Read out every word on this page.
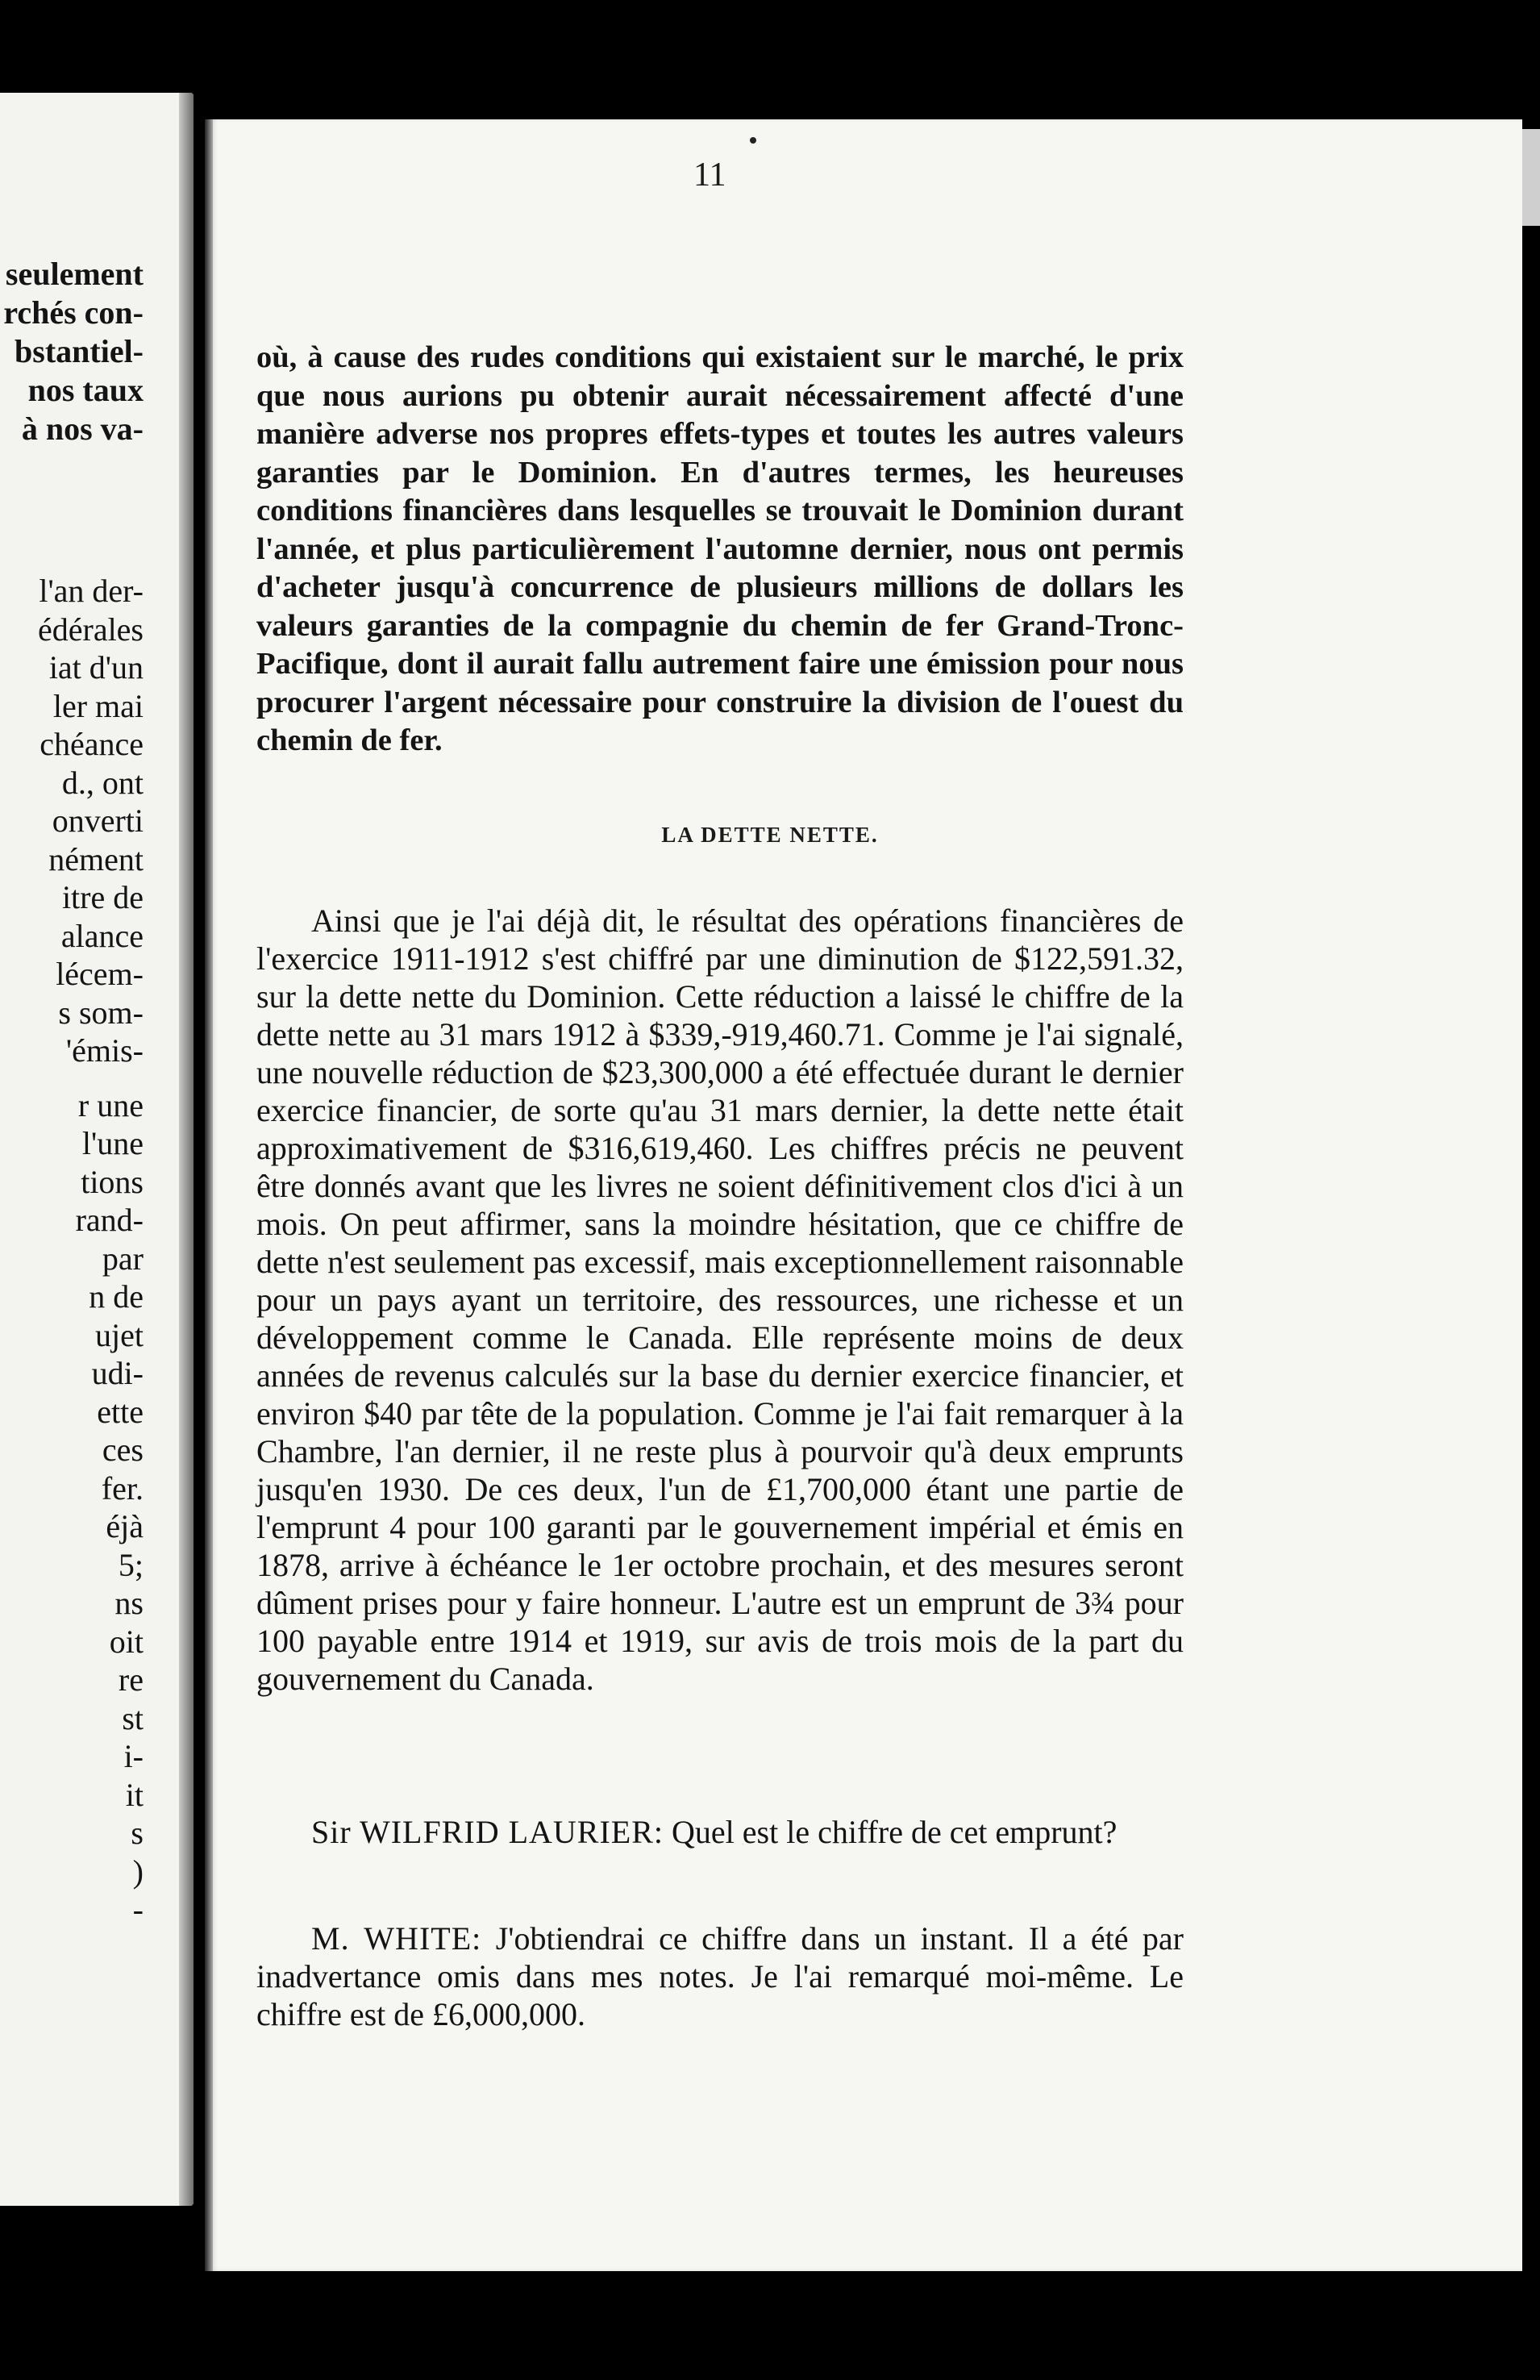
seulement
rchés con-
bstantiel-
nos taux
à nos va-
l'an der-
édérales
iat d'un
ler mai
chéance
d., ont
onverti
nément
itre de
alance
lécem-
s som-
'émis-
r une
l'une
tions
rand-
par
n de
ujet
udi-
ette
ces
fer.
éjà
5;
ns
oit
re
st
i-
it
s
)
-
11

où, à cause des rudes conditions qui existaient sur le marché, le prix que nous aurions pu obtenir aurait nécessairement affecté d'une manière adverse nos propres effets-types et toutes les autres valeurs garanties par le Dominion. En d'autres termes, les heureuses conditions financières dans lesquelles se trouvait le Dominion durant l'année, et plus particulièrement l'automne dernier, nous ont permis d'acheter jusqu'à concurrence de plusieurs millions de dollars les valeurs garanties de la compagnie du chemin de fer Grand-Tronc-Pacifique, dont il aurait fallu autrement faire une émission pour nous procurer l'argent nécessaire pour construire la division de l'ouest du chemin de fer.

LA DETTE NETTE.

Ainsi que je l'ai déjà dit, le résultat des opérations financières de l'exercice 1911-1912 s'est chiffré par une diminution de $122,591.32, sur la dette nette du Dominion. Cette réduction a laissé le chiffre de la dette nette au 31 mars 1912 à $339,-919,460.71. Comme je l'ai signalé, une nouvelle réduction de $23,300,000 a été effectuée durant le dernier exercice financier, de sorte qu'au 31 mars dernier, la dette nette était approximativement de $316,619,460. Les chiffres précis ne peuvent être donnés avant que les livres ne soient définitivement clos d'ici à un mois. On peut affirmer, sans la moindre hésitation, que ce chiffre de dette n'est seulement pas excessif, mais exceptionnellement raisonnable pour un pays ayant un territoire, des ressources, une richesse et un développement comme le Canada. Elle représente moins de deux années de revenus calculés sur la base du dernier exercice financier, et environ $40 par tête de la population. Comme je l'ai fait remarquer à la Chambre, l'an dernier, il ne reste plus à pourvoir qu'à deux emprunts jusqu'en 1930. De ces deux, l'un de £1,700,000 étant une partie de l'emprunt 4 pour 100 garanti par le gouvernement impérial et émis en 1878, arrive à échéance le 1er octobre prochain, et des mesures seront dûment prises pour y faire honneur. L'autre est un emprunt de 3¾ pour 100 payable entre 1914 et 1919, sur avis de trois mois de la part du gouvernement du Canada.

Sir WILFRID LAURIER: Quel est le chiffre de cet emprunt?

M. WHITE: J'obtiendrai ce chiffre dans un instant. Il a été par inadvertance omis dans mes notes. Je l'ai remarqué moi-même. Le chiffre est de £6,000,000.
